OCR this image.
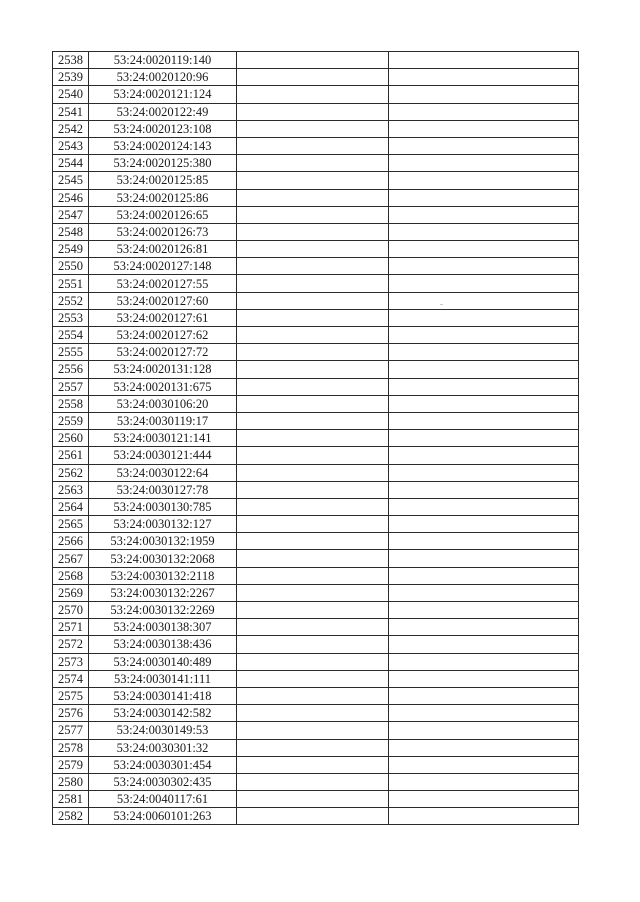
2538	53:24:0020119:140		
2539	53:24:0020120:96		
2540	53:24:0020121:124		
2541	53:24:0020122:49		
2542	53:24:0020123:108		
2543	53:24:0020124:143		
2544	53:24:0020125:380		
2545	53:24:0020125:85		
2546	53:24:0020125:86		
2547	53:24:0020126:65		
2548	53:24:0020126:73		
2549	53:24:0020126:81		
2550	53:24:0020127:148		
2551	53:24:0020127:55		
2552	53:24:0020127:60		
2553	53:24:0020127:61		
2554	53:24:0020127:62		
2555	53:24:0020127:72		
2556	53:24:0020131:128		
2557	53:24:0020131:675		
2558	53:24:0030106:20		
2559	53:24:0030119:17		
2560	53:24:0030121:141		
2561	53:24:0030121:444		
2562	53:24:0030122:64		
2563	53:24:0030127:78		
2564	53:24:0030130:785		
2565	53:24:0030132:127		
2566	53:24:0030132:1959		
2567	53:24:0030132:2068		
2568	53:24:0030132:2118		
2569	53:24:0030132:2267		
2570	53:24:0030132:2269		
2571	53:24:0030138:307		
2572	53:24:0030138:436		
2573	53:24:0030140:489		
2574	53:24:0030141:111		
2575	53:24:0030141:418		
2576	53:24:0030142:582		
2577	53:24:0030149:53		
2578	53:24:0030301:32		
2579	53:24:0030301:454		
2580	53:24:0030302:435		
2581	53:24:0040117:61		
2582	53:24:0060101:263		
